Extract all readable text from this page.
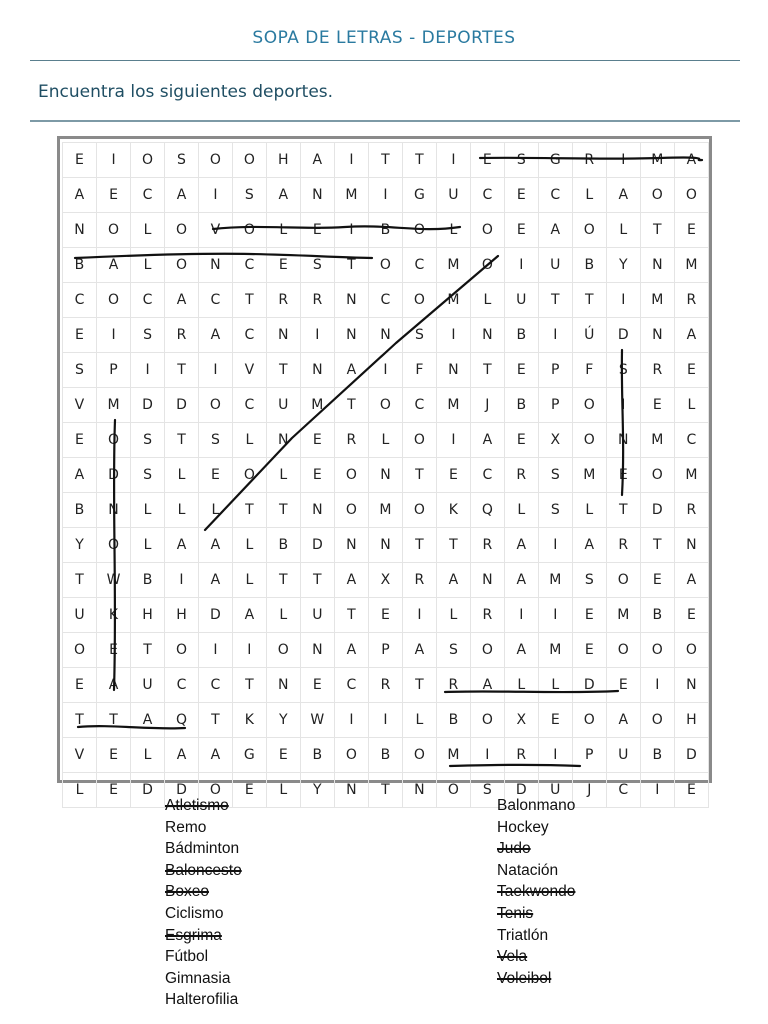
SOPA DE LETRAS - DEPORTES
Encuentra los siguientes deportes.
E	I	O	S	O	O	H	A	I	T	T	I	E	S	G	R	I	M	A
A	E	C	A	I	S	A	N	M	I	G	U	C	E	C	L	A	O	O
N	O	L	O	V	O	L	E	I	B	O	L	O	E	A	O	L	T	E
B	A	L	O	N	C	E	S	T	O	C	M	O	I	U	B	Y	N	M
C	O	C	A	C	T	R	R	N	C	O	M	L	U	T	T	I	M	R
E	I	S	R	A	C	N	I	N	N	S	I	N	B	I	Ú	D	N	A
S	P	I	T	I	V	T	N	A	I	F	N	T	E	P	F	S	R	E
V	M	D	D	O	C	U	M	T	O	C	M	J	B	P	O	I	E	L
E	O	S	T	S	L	N	E	R	L	O	I	A	E	X	O	N	M	C
A	D	S	L	E	O	L	E	O	N	T	E	C	R	S	M	E	O	M
B	N	L	L	L	T	T	N	O	M	O	K	Q	L	S	L	T	D	R
Y	O	L	A	A	L	B	D	N	N	T	T	R	A	I	A	R	T	N
T	W	B	I	A	L	T	T	A	X	R	A	N	A	M	S	O	E	A
U	K	H	H	D	A	L	U	T	E	I	L	R	I	I	E	M	B	E
O	E	T	O	I	I	O	N	A	P	A	S	O	A	M	E	O	O	O
E	A	U	C	C	T	N	E	C	R	T	R	A	L	L	D	E	I	N
T	T	A	Q	T	K	Y	W	I	I	L	B	O	X	E	O	A	O	H
V	E	L	A	A	G	E	B	O	B	O	M	I	R	I	P	U	B	D
L	E	D	D	O	E	L	Y	N	T	N	O	S	D	U	J	C	I	E
Atletismo
Remo
Bádminton
Baloncesto
Boxeo
Ciclismo
Esgrima
Fútbol
Gimnasia
Halterofilia
Balonmano
Hockey
Judo
Natación
Taekwondo
Tenis
Triatlón
Vela
Voleibol
